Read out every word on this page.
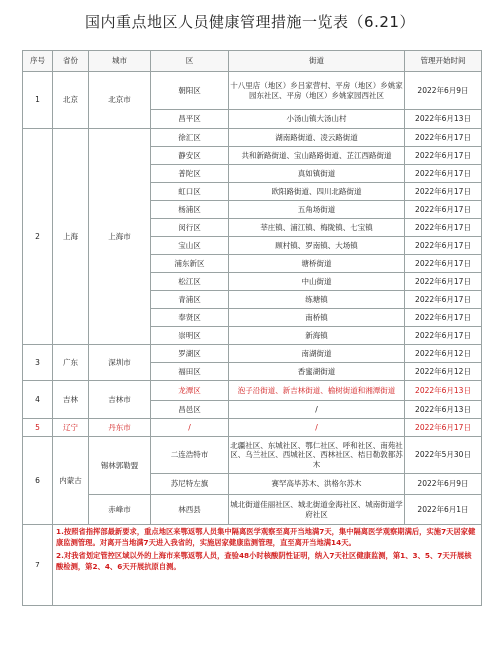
国内重点地区人员健康管理措施一览表（6.21）
序号	省份	城市	区	街道	管理开始时间
1	北京	北京市	朝阳区	十八里店（地区）乡吕家营村、平房（地区）乡姚家园东社区、平房（地区）乡姚家园西社区	2022年6月9日
			昌平区	小汤山镇大汤山村	2022年6月13日
2	上海	上海市	徐汇区	湖南路街道、凌云路街道	2022年6月17日
			静安区	共和新路街道、宝山路路街道、芷江西路街道	2022年6月17日
			普陀区	真如镇街道	2022年6月17日
			虹口区	欧阳路街道、四川北路街道	2022年6月17日
			杨浦区	五角场街道	2022年6月17日
			闵行区	莘庄镇、浦江镇、梅陇镇、七宝镇	2022年6月17日
			宝山区	顾村镇、罗南镇、大场镇	2022年6月17日
			浦东新区	塘桥街道	2022年6月17日
			松江区	中山街道	2022年6月17日
			青浦区	练塘镇	2022年6月17日
			奉贤区	南桥镇	2022年6月17日
			崇明区	新海镇	2022年6月17日
3	广东	深圳市	罗湖区	南湖街道	2022年6月12日
			福田区	香蜜湖街道	2022年6月12日
4	吉林	吉林市	龙潭区	泡子沿街道、新吉林街道、榆树街道和湘潭街道	2022年6月13日
			昌邑区	/	2022年6月13日
5	辽宁	丹东市	/	/	2022年6月17日
6	内蒙古	锡林郭勒盟	二连浩特市	北疆社区、东城社区、鄂仁社区、呼和社区、南苑社区、乌兰社区、西城社区、西林社区、桔日勒敦都苏木	2022年5月30日
			苏尼特左旗	赛罕高毕苏木、洪格尔苏木	2022年6月9日
		赤峰市	林西县	城北街道佳丽社区、城北街道金海社区、城南街道学府社区	2022年6月1日
7	1.按照省指挥部最新要求，重点地区来鄂返鄂人员集中隔离医学观察至离开当地满7天，集中隔离医学观察期满后，实施7天居家健康监测管理。对离开当地满7天进入我省的，实施居家健康监测管理，直至离开当地满14天。
2.对我省划定管控区域以外的上海市来鄂返鄂人员，查验48小时核酸阴性证明，纳入7天社区健康监测，第1、3、5、7天开展核酸检测，第2、4、6天开展抗原自测。				
